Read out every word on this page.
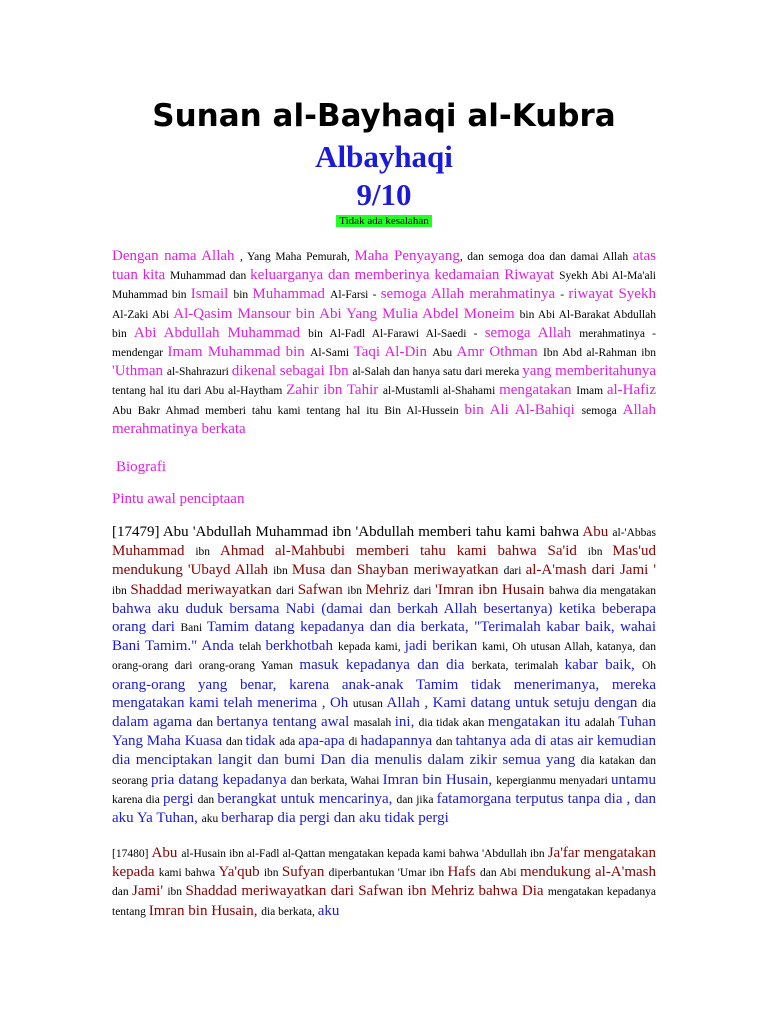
Sunan al-Bayhaqi al-Kubra
Albayhaqi
9/10
Tidak ada kesalahan

Dengan nama Allah , Yang Maha Pemurah, Maha Penyayang, dan semoga doa dan damai Allah atas tuan kita Muhammad dan keluarganya dan memberinya kedamaian Riwayat Syekh Abi Al-Ma'ali Muhammad bin Ismail bin Muhammad Al-Farsi - semoga Allah merahmatinya - riwayat Syekh Al-Zaki Abi Al-Qasim Mansour bin Abi Yang Mulia Abdel Moneim bin Abi Al-Barakat Abdullah bin Abi Abdullah Muhammad bin Al-Fadl Al-Farawi Al-Saedi - semoga Allah merahmatinya - mendengar Imam Muhammad bin Al-Sami Taqi Al-Din Abu Amr Othman Ibn Abd al-Rahman ibn 'Uthman al-Shahrazuri dikenal sebagai Ibn al-Salah dan hanya satu dari mereka yang memberitahunya tentang hal itu dari Abu al-Haytham Zahir ibn Tahir al-Mustamli al-Shahami mengatakan Imam al-Hafiz Abu Bakr Ahmad memberi tahu kami tentang hal itu Bin Al-Hussein bin Ali Al-Bahiqi semoga Allah merahmatinya berkata

Biografi
Pintu awal penciptaan

[17479] Abu 'Abdullah Muhammad ibn 'Abdullah memberi tahu kami bahwa Abu al-'Abbas Muhammad ibn Ahmad al-Mahbubi memberi tahu kami bahwa Sa'id ibn Mas'ud mendukung 'Ubayd Allah ibn Musa dan Shayban meriwayatkan dari al-A'mash dari Jami ' ibn Shaddad meriwayatkan dari Safwan ibn Mehriz dari 'Imran ibn Husain bahwa dia mengatakan bahwa aku duduk bersama Nabi (damai dan berkah Allah besertanya) ketika beberapa orang dari Bani Tamim datang kepadanya dan dia berkata, "Terimalah kabar baik, wahai Bani Tamim." Anda telah berkhotbah kepada kami, jadi berikan kami, Oh utusan Allah, katanya, dan orang-orang dari orang-orang Yaman masuk kepadanya dan dia berkata, terimalah kabar baik, Oh orang-orang yang benar, karena anak-anak Tamim tidak menerimanya, mereka mengatakan kami telah menerima , Oh utusan Allah , Kami datang untuk setuju dengan dia dalam agama dan bertanya tentang awal masalah ini, dia tidak akan mengatakan itu adalah Tuhan Yang Maha Kuasa dan tidak ada apa-apa di hadapannya dan tahtanya ada di atas air kemudian dia menciptakan langit dan bumi Dan dia menulis dalam zikir semua yang dia katakan dan seorang pria datang kepadanya dan berkata, Wahai Imran bin Husain, kepergianmu menyadari untamu karena dia pergi dan berangkat untuk mencarinya, dan jika fatamorgana terputus tanpa dia , dan aku Ya Tuhan, aku berharap dia pergi dan aku tidak pergi

[17480] Abu al-Husain ibn al-Fadl al-Qattan mengatakan kepada kami bahwa 'Abdullah ibn Ja'far mengatakan kepada kami bahwa Ya'qub ibn Sufyan diperbantukan 'Umar ibn Hafs dan Abi mendukung al-A'mash dan Jami' ibn Shaddad meriwayatkan dari Safwan ibn Mehriz bahwa Dia mengatakan kepadanya tentang Imran bin Husain, dia berkata, aku
